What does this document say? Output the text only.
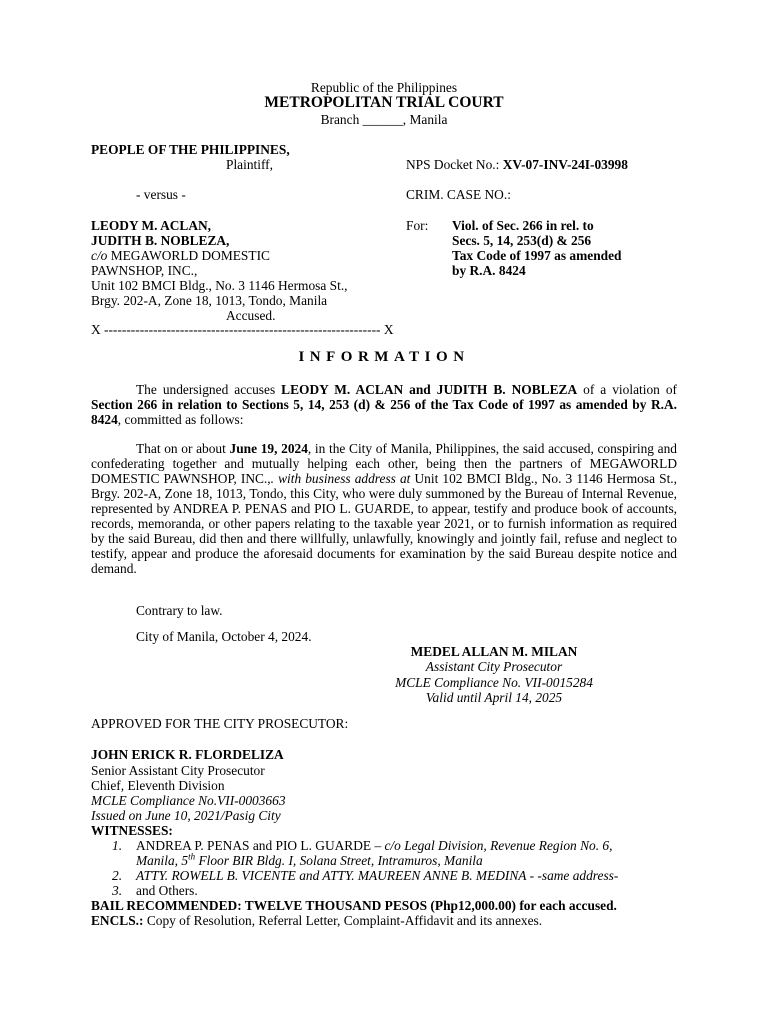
Republic of the Philippines
METROPOLITAN TRIAL COURT
Branch ______, Manila
PEOPLE OF THE PHILIPPINES,
Plaintiff,
- versus -
LEODY M. ACLAN,
JUDITH B. NOBLEZA,
c/o MEGAWORLD DOMESTIC
PAWNSHOP, INC.,
Unit 102 BMCI Bldg., No. 3 1146 Hermosa St.,
Brgy. 202-A, Zone 18, 1013, Tondo, Manila
Accused.
X -------------------------------------------------------------- X
NPS Docket No.: XV-07-INV-24I-03998
CRIM. CASE NO.:
For: Viol. of Sec. 266 in rel. to
Secs. 5, 14, 253(d) & 256
Tax Code of 1997 as amended
by R.A. 8424
INFORMATION
The undersigned accuses LEODY M. ACLAN and JUDITH B. NOBLEZA of a violation of Section 266 in relation to Sections 5, 14, 253 (d) & 256 of the Tax Code of 1997 as amended by R.A. 8424, committed as follows:
That on or about June 19, 2024, in the City of Manila, Philippines, the said accused, conspiring and confederating together and mutually helping each other, being then the partners of MEGAWORLD DOMESTIC PAWNSHOP, INC.,. with business address at Unit 102 BMCI Bldg., No. 3 1146 Hermosa St., Brgy. 202-A, Zone 18, 1013, Tondo, this City, who were duly summoned by the Bureau of Internal Revenue, represented by ANDREA P. PENAS and PIO L. GUARDE, to appear, testify and produce book of accounts, records, memoranda, or other papers relating to the taxable year 2021, or to furnish information as required by the said Bureau, did then and there willfully, unlawfully, knowingly and jointly fail, refuse and neglect to testify, appear and produce the aforesaid documents for examination by the said Bureau despite notice and demand.
Contrary to law.
City of Manila, October 4, 2024.
MEDEL ALLAN M. MILAN
Assistant City Prosecutor
MCLE Compliance No. VII-0015284
Valid until April 14, 2025
APPROVED FOR THE CITY PROSECUTOR:
JOHN ERICK R. FLORDELIZA
Senior Assistant City Prosecutor
Chief, Eleventh Division
MCLE Compliance No.VII-0003663
Issued on June 10, 2021/Pasig City
WITNESSES:
1. ANDREA P. PENAS and PIO L. GUARDE – c/o Legal Division, Revenue Region No. 6,
Manila, 5th Floor BIR Bldg. I, Solana Street, Intramuros, Manila
2. ATTY. ROWELL B. VICENTE and ATTY. MAUREEN ANNE B. MEDINA - -same address-
3. and Others.
BAIL RECOMMENDED: TWELVE THOUSAND PESOS (Php12,000.00) for each accused.
ENCLS.: Copy of Resolution, Referral Letter, Complaint-Affidavit and its annexes.
